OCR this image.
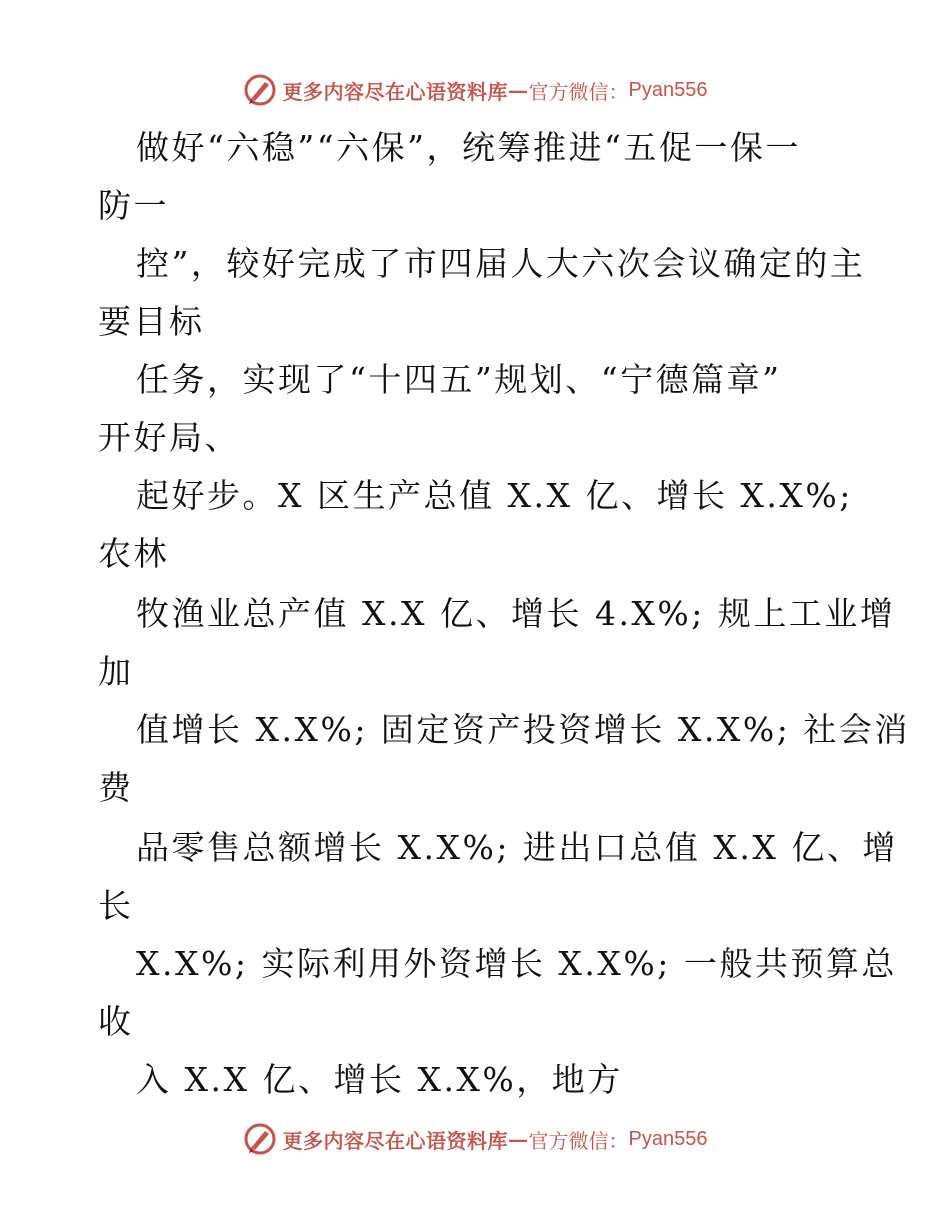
更多内容尽在心语资料库 — 官方微信： Pyan556
做好“六稳”“六保”，统筹推进“五促一保一
防一
控”，较好完成了市四届人大六次会议确定的主
要目标
任务，实现了“十四五”规划、“宁德篇章”
开好局、
起好步。X 区生产总值 X.X 亿、增长 X.X%;
农林
牧渔业总产值 X.X 亿、增长 4.X%; 规上工业增
加
值增长 X.X%; 固定资产投资增长 X.X%; 社会消
费
品零售总额增长 X.X%; 进出口总值 X.X 亿、增
长
X.X%; 实际利用外资增长 X.X%; 一般共预算总
收
入 X.X 亿、增长 X.X%，地方
更多内容尽在心语资料库 — 官方微信： Pyan556
